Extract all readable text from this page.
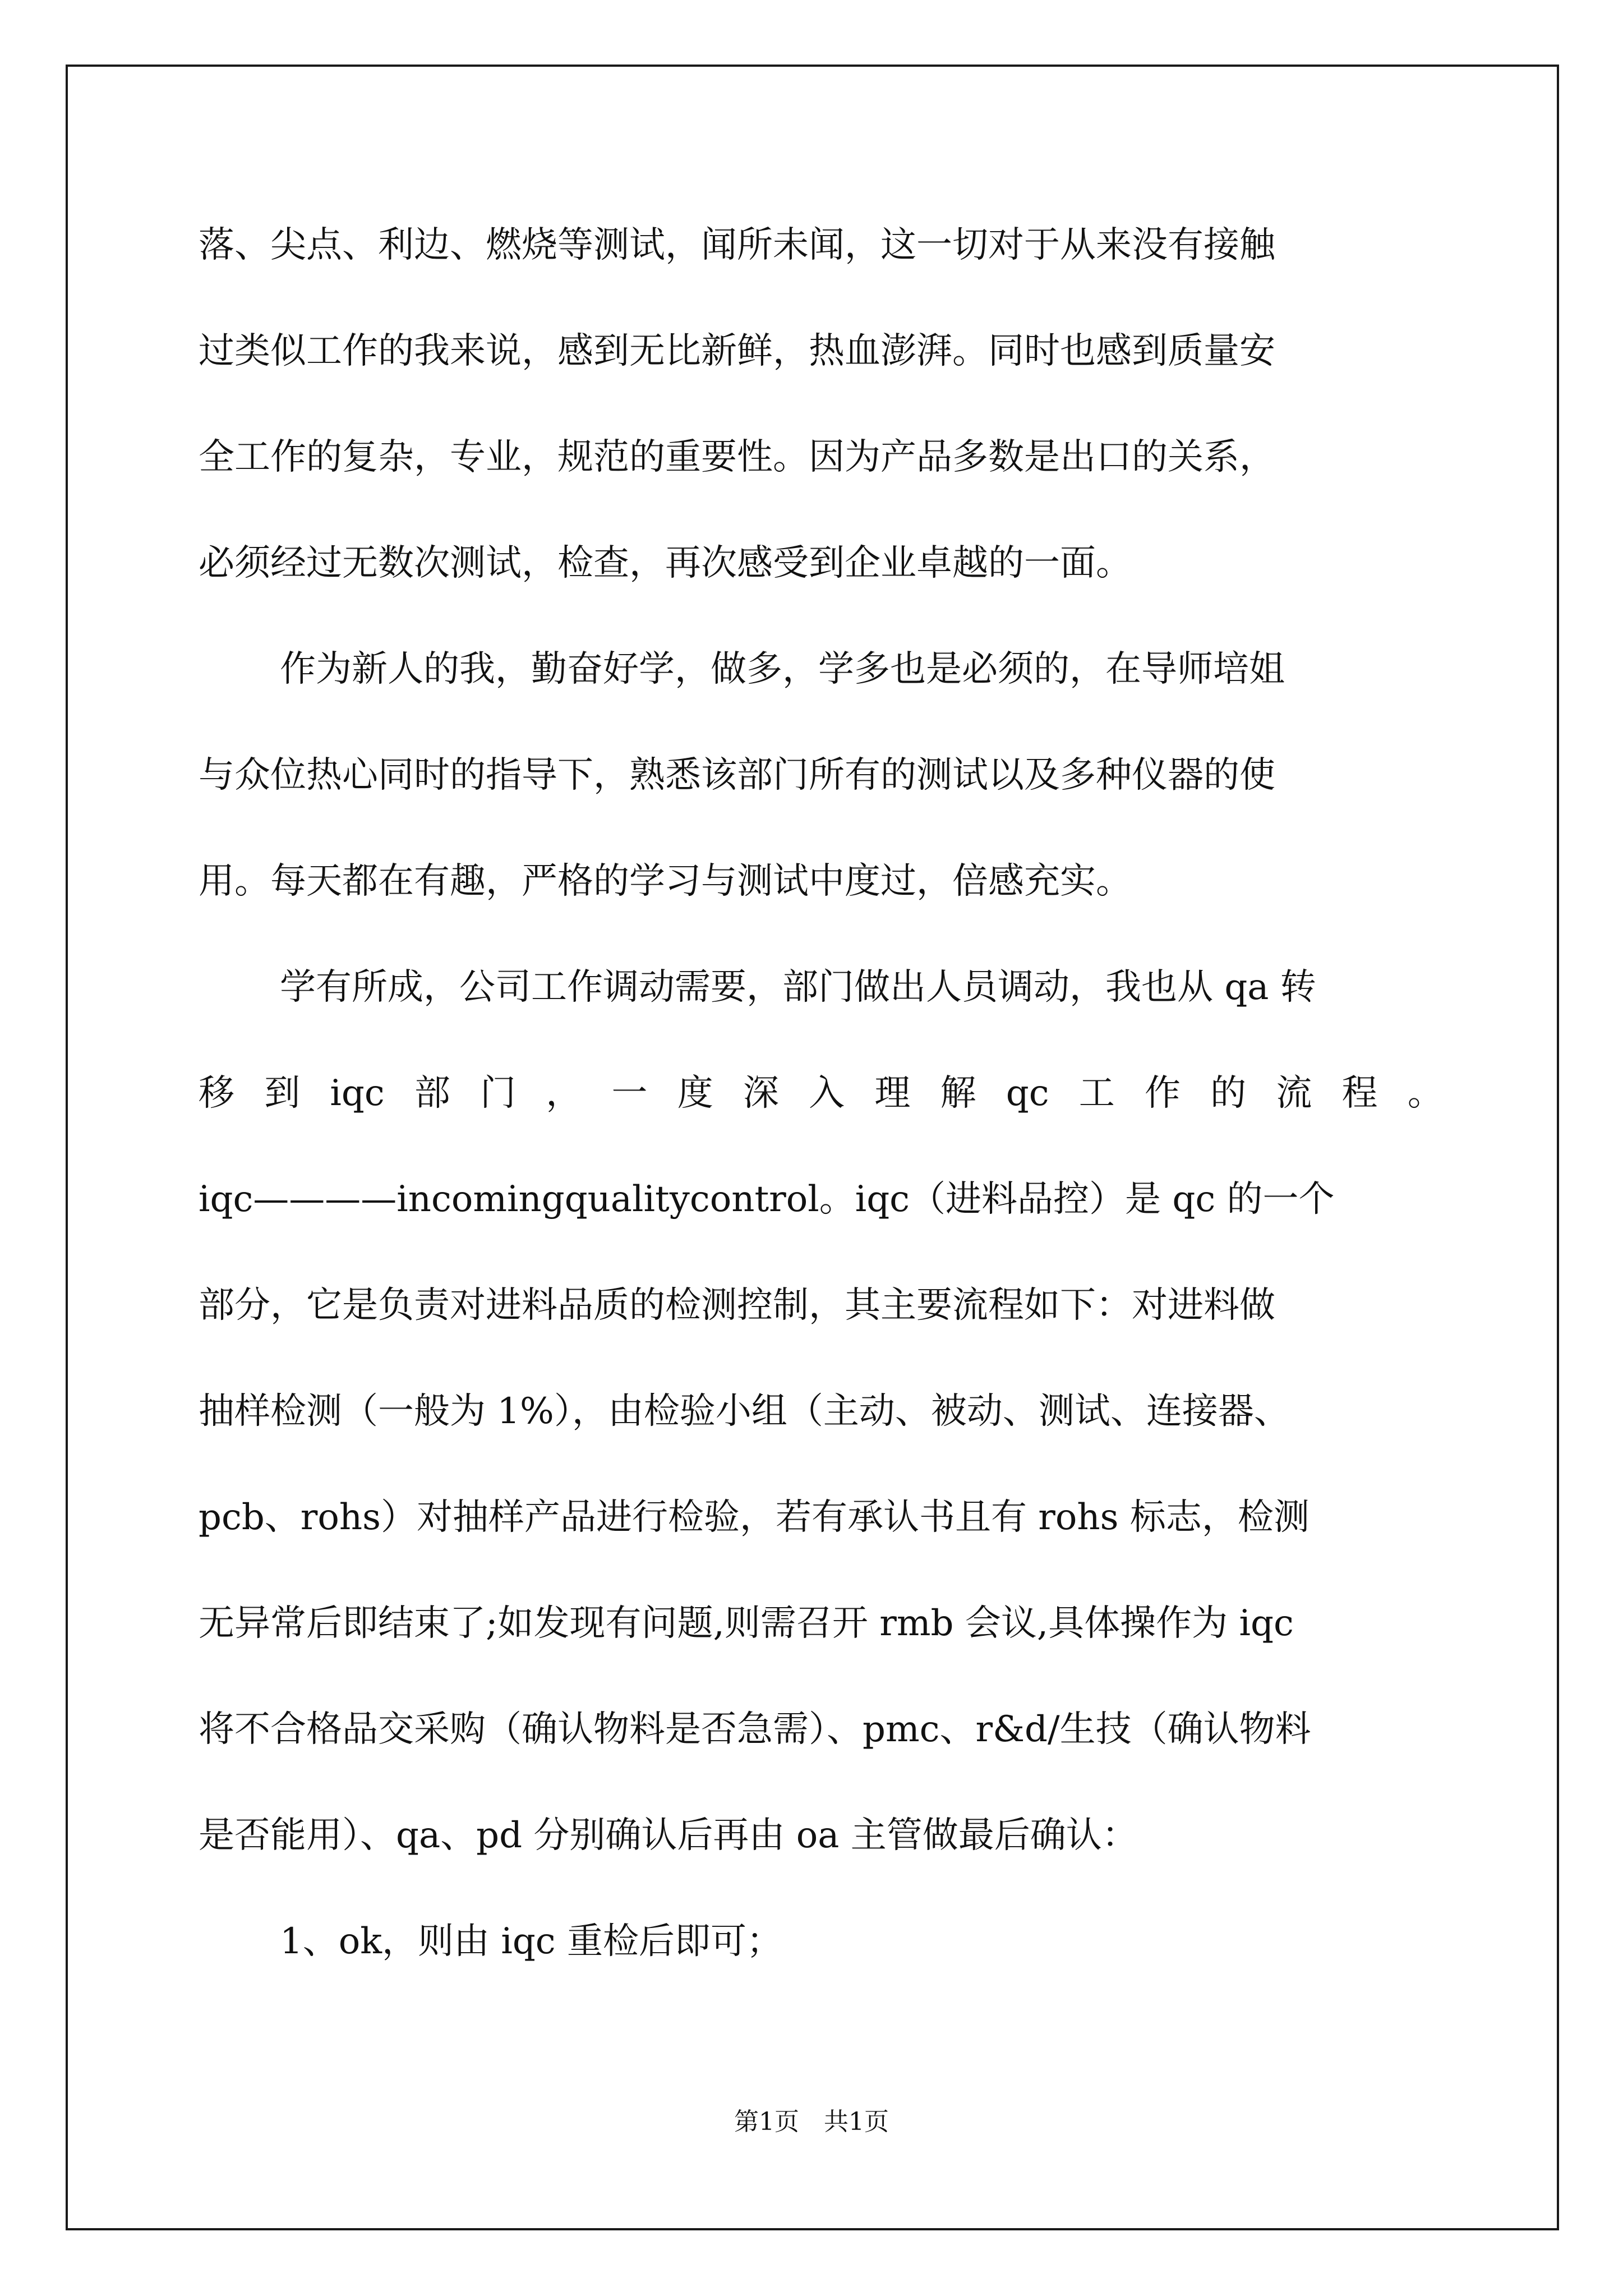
落、尖点、利边、燃烧等测试，闻所未闻，这一切对于从来没有接触
过类似工作的我来说，感到无比新鲜，热血澎湃。同时也感到质量安
全工作的复杂，专业，规范的重要性。因为产品多数是出口的关系，
必须经过无数次测试，检查，再次感受到企业卓越的一面。
作为新人的我，勤奋好学，做多，学多也是必须的，在导师培姐
与众位热心同时的指导下，熟悉该部门所有的测试以及多种仪器的使
用。每天都在有趣，严格的学习与测试中度过，倍感充实。
学有所成，公司工作调动需要，部门做出人员调动，我也从 qa 转
移 到 iqc 部 门 ， 一 度 深 入 理 解 qc 工 作 的 流 程 。
iqc————incomingqualitycontrol。iqc（进料品控）是 qc 的一个
部分，它是负责对进料品质的检测控制，其主要流程如下：对进料做
抽样检测（一般为 1%），由检验小组（主动、被动、测试、连接器、
pcb、rohs）对抽样产品进行检验，若有承认书且有 rohs 标志，检测
无异常后即结束了;如发现有问题,则需召开 rmb 会议,具体操作为 iqc
将不合格品交采购（确认物料是否急需）、pmc、r&d/生技（确认物料
是否能用）、qa、pd 分别确认后再由 oa 主管做最后确认：
1、ok，则由 iqc 重检后即可；
第1页　共1页
